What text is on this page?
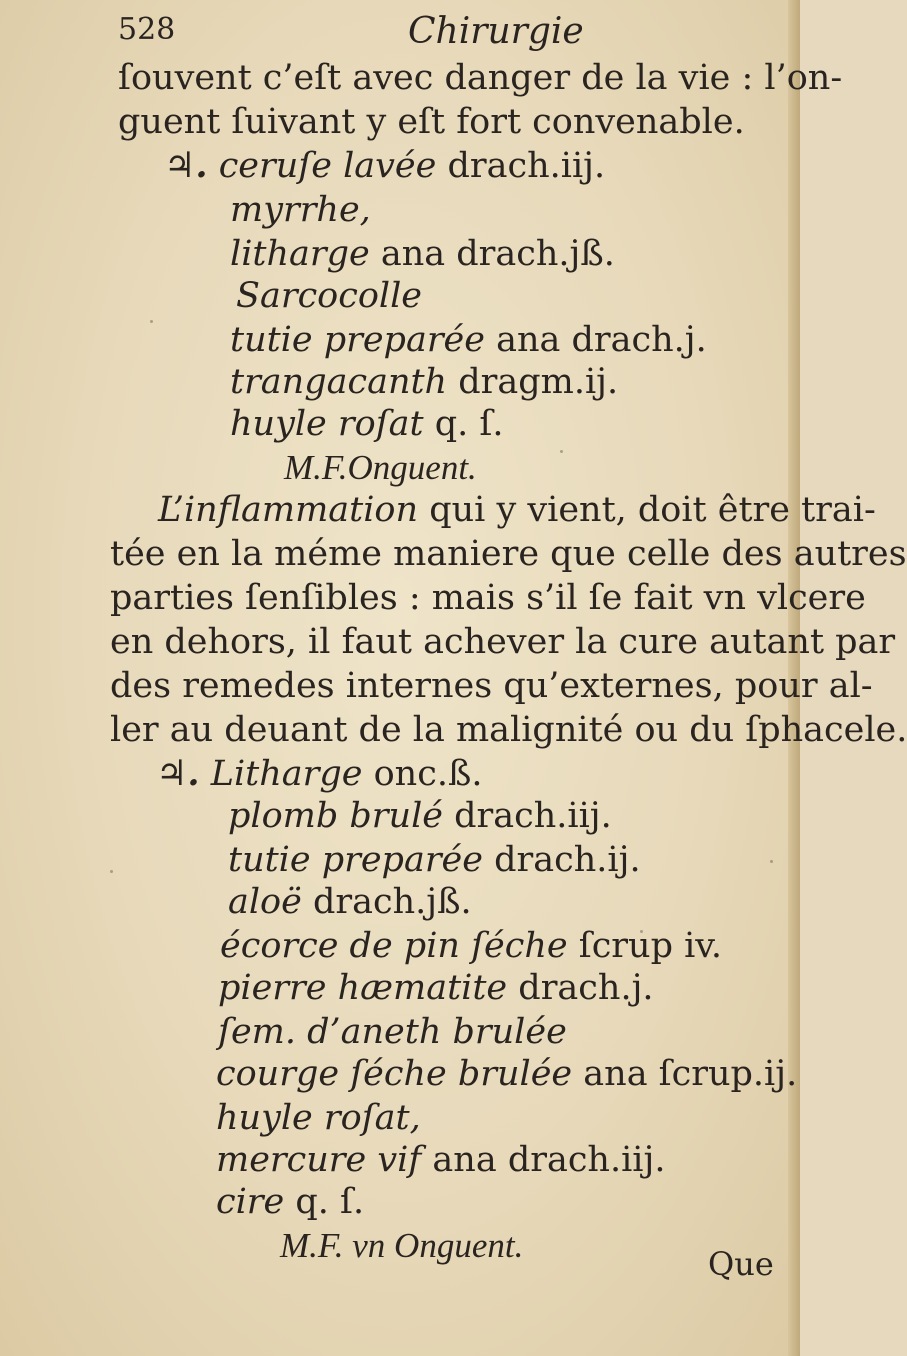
528	Chirurgie
ſouvent c’eſt avec danger de la vie : l’on-
guent ſuivant y eſt fort convenable.
♃. ceruſe lavée drach.iij.
myrrhe,
litharge ana drach.jß.
Sarcocolle
tutie preparée ana drach.j.
trangacanth dragm.ij.
huyle roſat q. ſ.
M.F.Onguent.
L’inflammation qui y vient, doit être trai-
tée en la méme maniere que celle des autres
parties ſenſibles : mais s’il ſe fait vn vlcere
en dehors, il faut achever la cure autant par
des remedes internes qu’externes, pour al-
ler au deuant de la malignité ou du ſphacele.
♃. Litharge onc.ß.
plomb brulé drach.iij.
tutie preparée drach.ij.
aloë drach.jß.
écorce de pin ſéche ſcrup iv.
pierre hæmatite drach.j.
ſem. d’aneth brulée
courge ſéche brulée ana ſcrup.ij.
huyle roſat,
mercure vif ana drach.iij.
cire q. ſ.
M.F. vn Onguent.	Que
